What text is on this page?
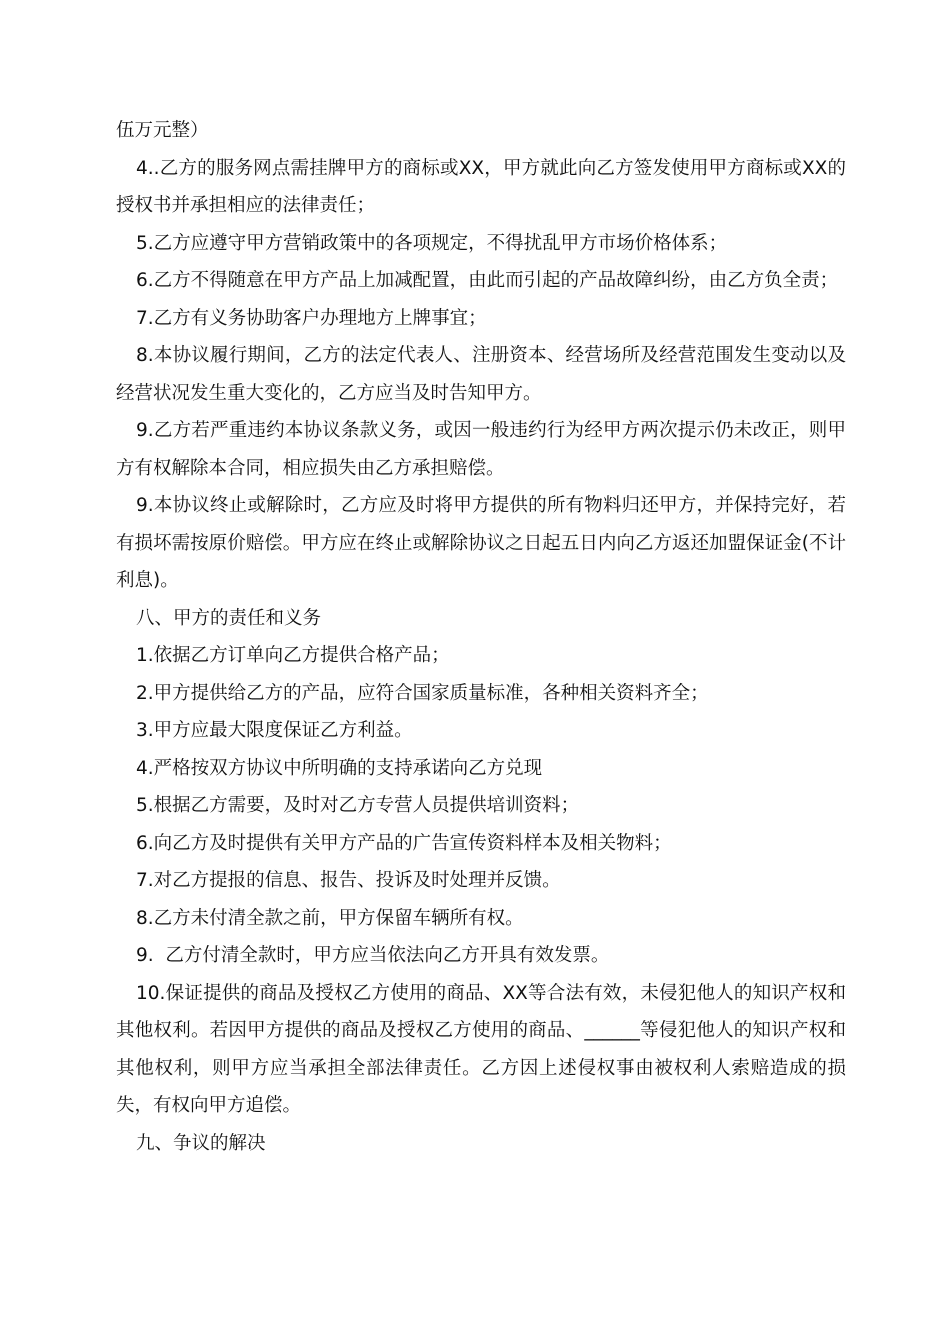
伍万元整）

4..乙方的服务网点需挂牌甲方的商标或XX，甲方就此向乙方签发使用甲方商标或XX的授权书并承担相应的法律责任；

5.乙方应遵守甲方营销政策中的各项规定，不得扰乱甲方市场价格体系；

6.乙方不得随意在甲方产品上加减配置，由此而引起的产品故障纠纷，由乙方负全责；

7.乙方有义务协助客户办理地方上牌事宜；

8.本协议履行期间，乙方的法定代表人、注册资本、经营场所及经营范围发生变动以及经营状况发生重大变化的，乙方应当及时告知甲方。

9.乙方若严重违约本协议条款义务，或因一般违约行为经甲方两次提示仍未改正，则甲方有权解除本合同，相应损失由乙方承担赔偿。

9.本协议终止或解除时，乙方应及时将甲方提供的所有物料归还甲方，并保持完好，若有损坏需按原价赔偿。甲方应在终止或解除协议之日起五日内向乙方返还加盟保证金(不计利息)。

八、甲方的责任和义务

1.依据乙方订单向乙方提供合格产品；

2.甲方提供给乙方的产品，应符合国家质量标准，各种相关资料齐全；

3.甲方应最大限度保证乙方利益。

4.严格按双方协议中所明确的支持承诺向乙方兑现

5.根据乙方需要，及时对乙方专营人员提供培训资料；

6.向乙方及时提供有关甲方产品的广告宣传资料样本及相关物料；

7.对乙方提报的信息、报告、投诉及时处理并反馈。

8.乙方未付清全款之前，甲方保留车辆所有权。

9.  乙方付清全款时，甲方应当依法向乙方开具有效发票。

10.保证提供的商品及授权乙方使用的商品、XX等合法有效，未侵犯他人的知识产权和其他权利。若因甲方提供的商品及授权乙方使用的商品、______等侵犯他人的知识产权和其他权利，则甲方应当承担全部法律责任。乙方因上述侵权事由被权利人索赔造成的损失，有权向甲方追偿。

九、争议的解决
